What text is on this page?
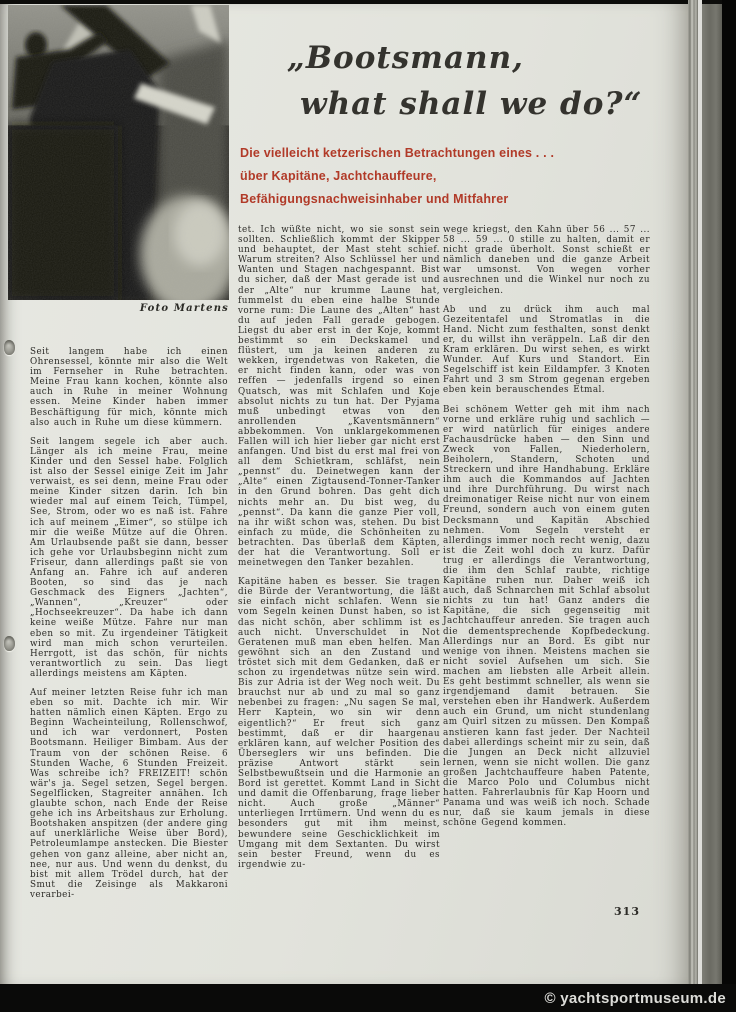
Foto Martens
„Bootsmann,
what shall we do?“
Die vielleicht ketzerischen Betrachtungen eines . . .
über Kapitäne, Jachtchauffeure,
Befähigungsnachweisinhaber und Mitfahrer

Seit langem habe ich einen Ohrensessel, könnte mir also die Welt im Fernseher in Ruhe betrachten. Meine Frau kann kochen, könnte also auch in Ruhe in meiner Wohnung essen. Meine Kinder haben immer Beschäftigung für mich, könnte mich also auch in Ruhe um diese kümmern.

Seit langem segele ich aber auch. Länger als ich meine Frau, meine Kinder und den Sessel habe. Folglich ist also der Sessel einige Zeit im Jahr verwaist, es sei denn, meine Frau oder meine Kinder sitzen darin. Ich bin wieder mal auf einem Teich, Tümpel, See, Strom, oder wo es naß ist. Fahre ich auf meinem „Eimer“, so stülpe ich mir die weiße Mütze auf die Ohren. Am Urlaubsende paßt sie dann, besser ich gehe vor Urlaubsbeginn nicht zum Friseur, dann allerdings paßt sie von Anfang an. Fahre ich auf anderen Booten, so sind das je nach Geschmack des Eigners „Jachten“, „Wannen“, „Kreuzer“ oder „Hochseekreuzer“. Da habe ich dann keine weiße Mütze. Fahre nur man eben so mit. Zu irgendeiner Tätigkeit wird man mich schon verurteilen. Herrgott, ist das schön, für nichts verantwortlich zu sein. Das liegt allerdings meistens am Käpten.

Auf meiner letzten Reise fuhr ich man eben so mit. Dachte ich mir. Wir hatten nämlich einen Käpten. Ergo zu Beginn Wacheinteilung, Rollenschwof, und ich war verdonnert, Posten Bootsmann. Heiliger Bimbam. Aus der Traum von der schönen Reise. 6 Stunden Wache, 6 Stunden Freizeit. Was schreibe ich? FREIZEIT! schön wär's ja. Segel setzen, Segel bergen. Segelflicken, Stagreiter annähen. Ich glaubte schon, nach Ende der Reise gehe ich ins Arbeitshaus zur Erholung. Bootshaken anspitzen (der andere ging auf unerklärliche Weise über Bord), Petroleumlampe anstecken. Die Biester gehen von ganz alleine, aber nicht an, nee, nur aus. Und wenn du denkst, du bist mit allem Trödel durch, hat der Smut die Zeisinge als Makkaroni verarbei-

tet. Ich wüßte nicht, wo sie sonst sein sollten. Schließlich kommt der Skipper und behauptet, der Mast steht schief. Warum streiten? Also Schlüssel her und Wanten und Stagen nachgespannt. Bist du sicher, daß der Mast gerade ist und der „Alte“ nur krumme Laune hat, fummelst du eben eine halbe Stunde vorne rum: Die Laune des „Alten“ hast du auf jeden Fall gerade gebogen. Liegst du aber erst in der Koje, kommt bestimmt so ein Deckskamel und flüstert, um ja keinen anderen zu wekken, irgendetwas von Raketen, die er nicht finden kann, oder was von reffen — jedenfalls irgend so einen Quatsch, was mit Schlafen und Koje absolut nichts zu tun hat. Der Pyjama muß unbedingt etwas von den anrollenden „Kaventsmännern“ abbekommen. Von unklargekommenen Fallen will ich hier lieber gar nicht erst anfangen. Und bist du erst mal frei von all dem Schietkram, schläfst, nein „pennst“ du. Deinetwegen kann der „Alte“ einen Zigtausend-Tonner-Tanker in den Grund bohren. Das geht dich nichts mehr an. Du bist weg, du „pennst“. Da kann die ganze Pier voll, na ihr wißt schon was, stehen. Du bist einfach zu müde, die Schönheiten zu betrachten. Das überlaß dem Käpten, der hat die Verantwortung. Soll er meinetwegen den Tanker bezahlen.

Kapitäne haben es besser. Sie tragen die Bürde der Verantwortung, die läßt sie einfach nicht schlafen. Wenn sie vom Segeln keinen Dunst haben, so ist das nicht schön, aber schlimm ist es auch nicht. Unverschuldet in Not Geratenen muß man eben helfen. Man gewöhnt sich an den Zustand und tröstet sich mit dem Gedanken, daß er schon zu irgendetwas nütze sein wird. Bis zur Adria ist der Weg noch weit. Du brauchst nur ab und zu mal so ganz nebenbei zu fragen: „Nu sagen Se mal, Herr Kaptein, wo sin wir denn eigentlich?“ Er freut sich ganz bestimmt, daß er dir haargenau erklären kann, auf welcher Position des Überseglers wir uns befinden. Die präzise Antwort stärkt sein Selbstbewußtsein und die Harmonie an Bord ist gerettet. Kommt Land in Sicht und damit die Offenbarung, frage lieber nicht. Auch große „Männer“ unterliegen Irrtümern. Und wenn du es besonders gut mit ihm meinst, bewundere seine Geschicklichkeit im Umgang mit dem Sextanten. Du wirst sein bester Freund, wenn du es irgendwie zu-

wege kriegst, den Kahn über 56 ... 57 ... 58 ... 59 ... 0 stille zu halten, damit er nicht grade überholt. Sonst schießt er nämlich daneben und die ganze Arbeit war umsonst. Von wegen vorher ausrechnen und die Winkel nur noch zu vergleichen.

Ab und zu drück ihm auch mal Gezeitentafel und Stromatlas in die Hand. Nicht zum festhalten, sonst denkt er, du willst ihn veräppeln. Laß dir den Kram erklären. Du wirst sehen, es wirkt Wunder. Auf Kurs und Standort. Ein Segelschiff ist kein Eildampfer. 3 Knoten Fahrt und 3 sm Strom gegenan ergeben eben kein berauschendes Etmal.

Bei schönem Wetter geh mit ihm nach vorne und erkläre ruhig und sachlich — er wird natürlich für einiges andere Fachausdrücke haben — den Sinn und Zweck von Fallen, Niederholern, Beiholern, Standern, Schoten und Streckern und ihre Handhabung. Erkläre ihm auch die Kommandos auf Jachten und ihre Durchführung. Du wirst nach dreimonatiger Reise nicht nur von einem Freund, sondern auch von einem guten Decksmann und Kapitän Abschied nehmen. Vom Segeln versteht er allerdings immer noch recht wenig, dazu ist die Zeit wohl doch zu kurz. Dafür trug er allerdings die Verantwortung, die ihm den Schlaf raubte, richtige Kapitäne ruhen nur. Daher weiß ich auch, daß Schnarchen mit Schlaf absolut nichts zu tun hat! Ganz anders die Kapitäne, die sich gegenseitig mit Jachtchauffeur anreden. Sie tragen auch die dementsprechende Kopfbedeckung. Allerdings nur an Bord. Es gibt nur wenige von ihnen. Meistens machen sie nicht soviel Aufsehen um sich. Sie machen am liebsten alle Arbeit allein. Es geht bestimmt schneller, als wenn sie irgendjemand damit betrauen. Sie verstehen eben ihr Handwerk. Außerdem auch ein Grund, um nicht stundenlang am Quirl sitzen zu müssen. Den Kompaß anstieren kann fast jeder. Der Nachteil dabei allerdings scheint mir zu sein, daß die Jungen an Deck nicht allzuviel lernen, wenn sie nicht wollen. Die ganz großen Jachtchauffeure haben Patente, die Marco Polo und Columbus nicht hatten. Fahrerlaubnis für Kap Hoorn und Panama und was weiß ich noch. Schade nur, daß sie kaum jemals in diese schöne Gegend kommen.

313
© yachtsportmuseum.de
